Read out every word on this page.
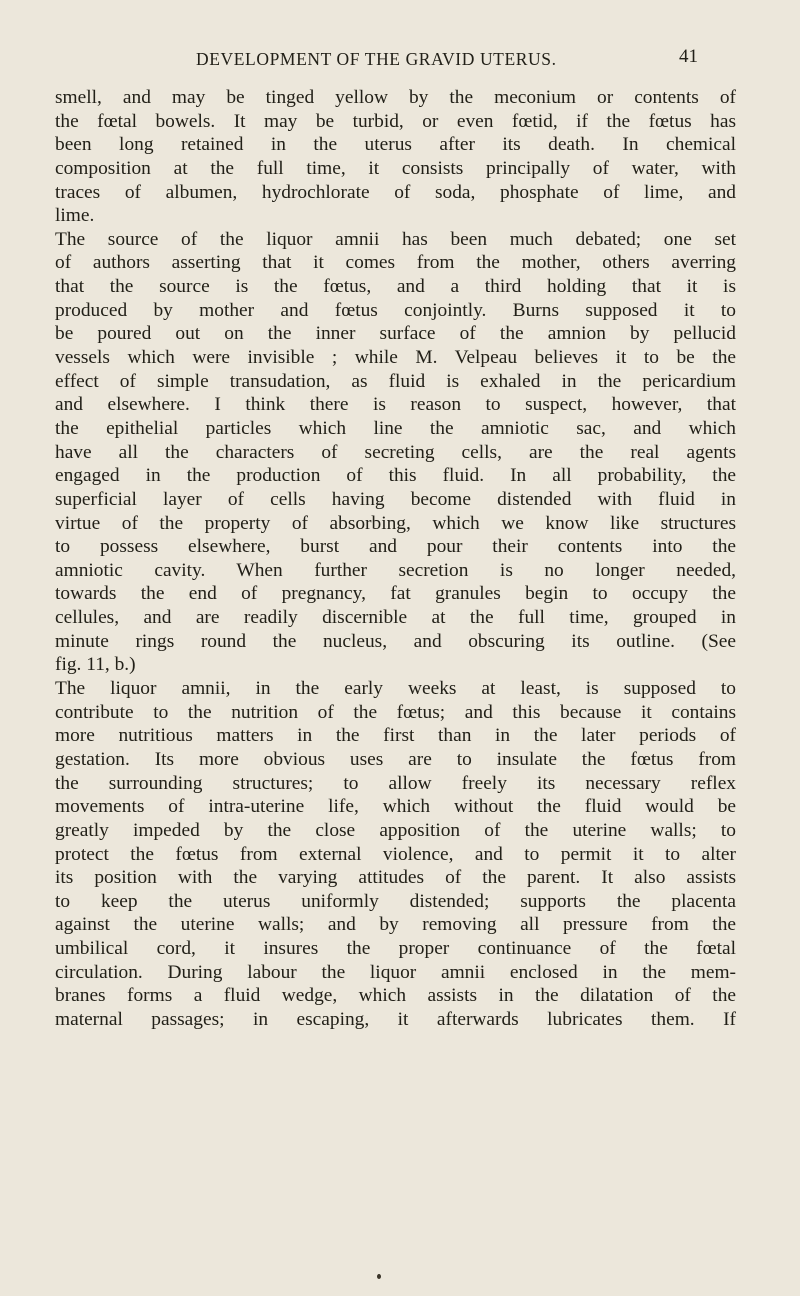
DEVELOPMENT OF THE GRAVID UTERUS.	41
smell, and may be tinged yellow by the meconium or contents of
the fœtal bowels. It may be turbid, or even fœtid, if the fœtus has
been long retained in the uterus after its death. In chemical
composition at the full time, it consists principally of water, with
traces of albumen, hydrochlorate of soda, phosphate of lime, and
lime.
The source of the liquor amnii has been much debated; one set
of authors asserting that it comes from the mother, others averring
that the source is the fœtus, and a third holding that it is
produced by mother and fœtus conjointly. Burns supposed it to
be poured out on the inner surface of the amnion by pellucid
vessels which were invisible ; while M. Velpeau believes it to be the
effect of simple transudation, as fluid is exhaled in the pericardium
and elsewhere. I think there is reason to suspect, however, that
the epithelial particles which line the amniotic sac, and which
have all the characters of secreting cells, are the real agents
engaged in the production of this fluid. In all probability, the
superficial layer of cells having become distended with fluid in
virtue of the property of absorbing, which we know like structures
to possess elsewhere, burst and pour their contents into the
amniotic cavity. When further secretion is no longer needed,
towards the end of pregnancy, fat granules begin to occupy the
cellules, and are readily discernible at the full time, grouped in
minute rings round the nucleus, and obscuring its outline. (See
fig. 11, b.)
The liquor amnii, in the early weeks at least, is supposed to
contribute to the nutrition of the fœtus; and this because it contains
more nutritious matters in the first than in the later periods of
gestation. Its more obvious uses are to insulate the fœtus from
the surrounding structures; to allow freely its necessary reflex
movements of intra-uterine life, which without the fluid would be
greatly impeded by the close apposition of the uterine walls; to
protect the fœtus from external violence, and to permit it to alter
its position with the varying attitudes of the parent. It also assists
to keep the uterus uniformly distended; supports the placenta
against the uterine walls; and by removing all pressure from the
umbilical cord, it insures the proper continuance of the fœtal
circulation. During labour the liquor amnii enclosed in the mem-
branes forms a fluid wedge, which assists in the dilatation of the
maternal passages; in escaping, it afterwards lubricates them. If
